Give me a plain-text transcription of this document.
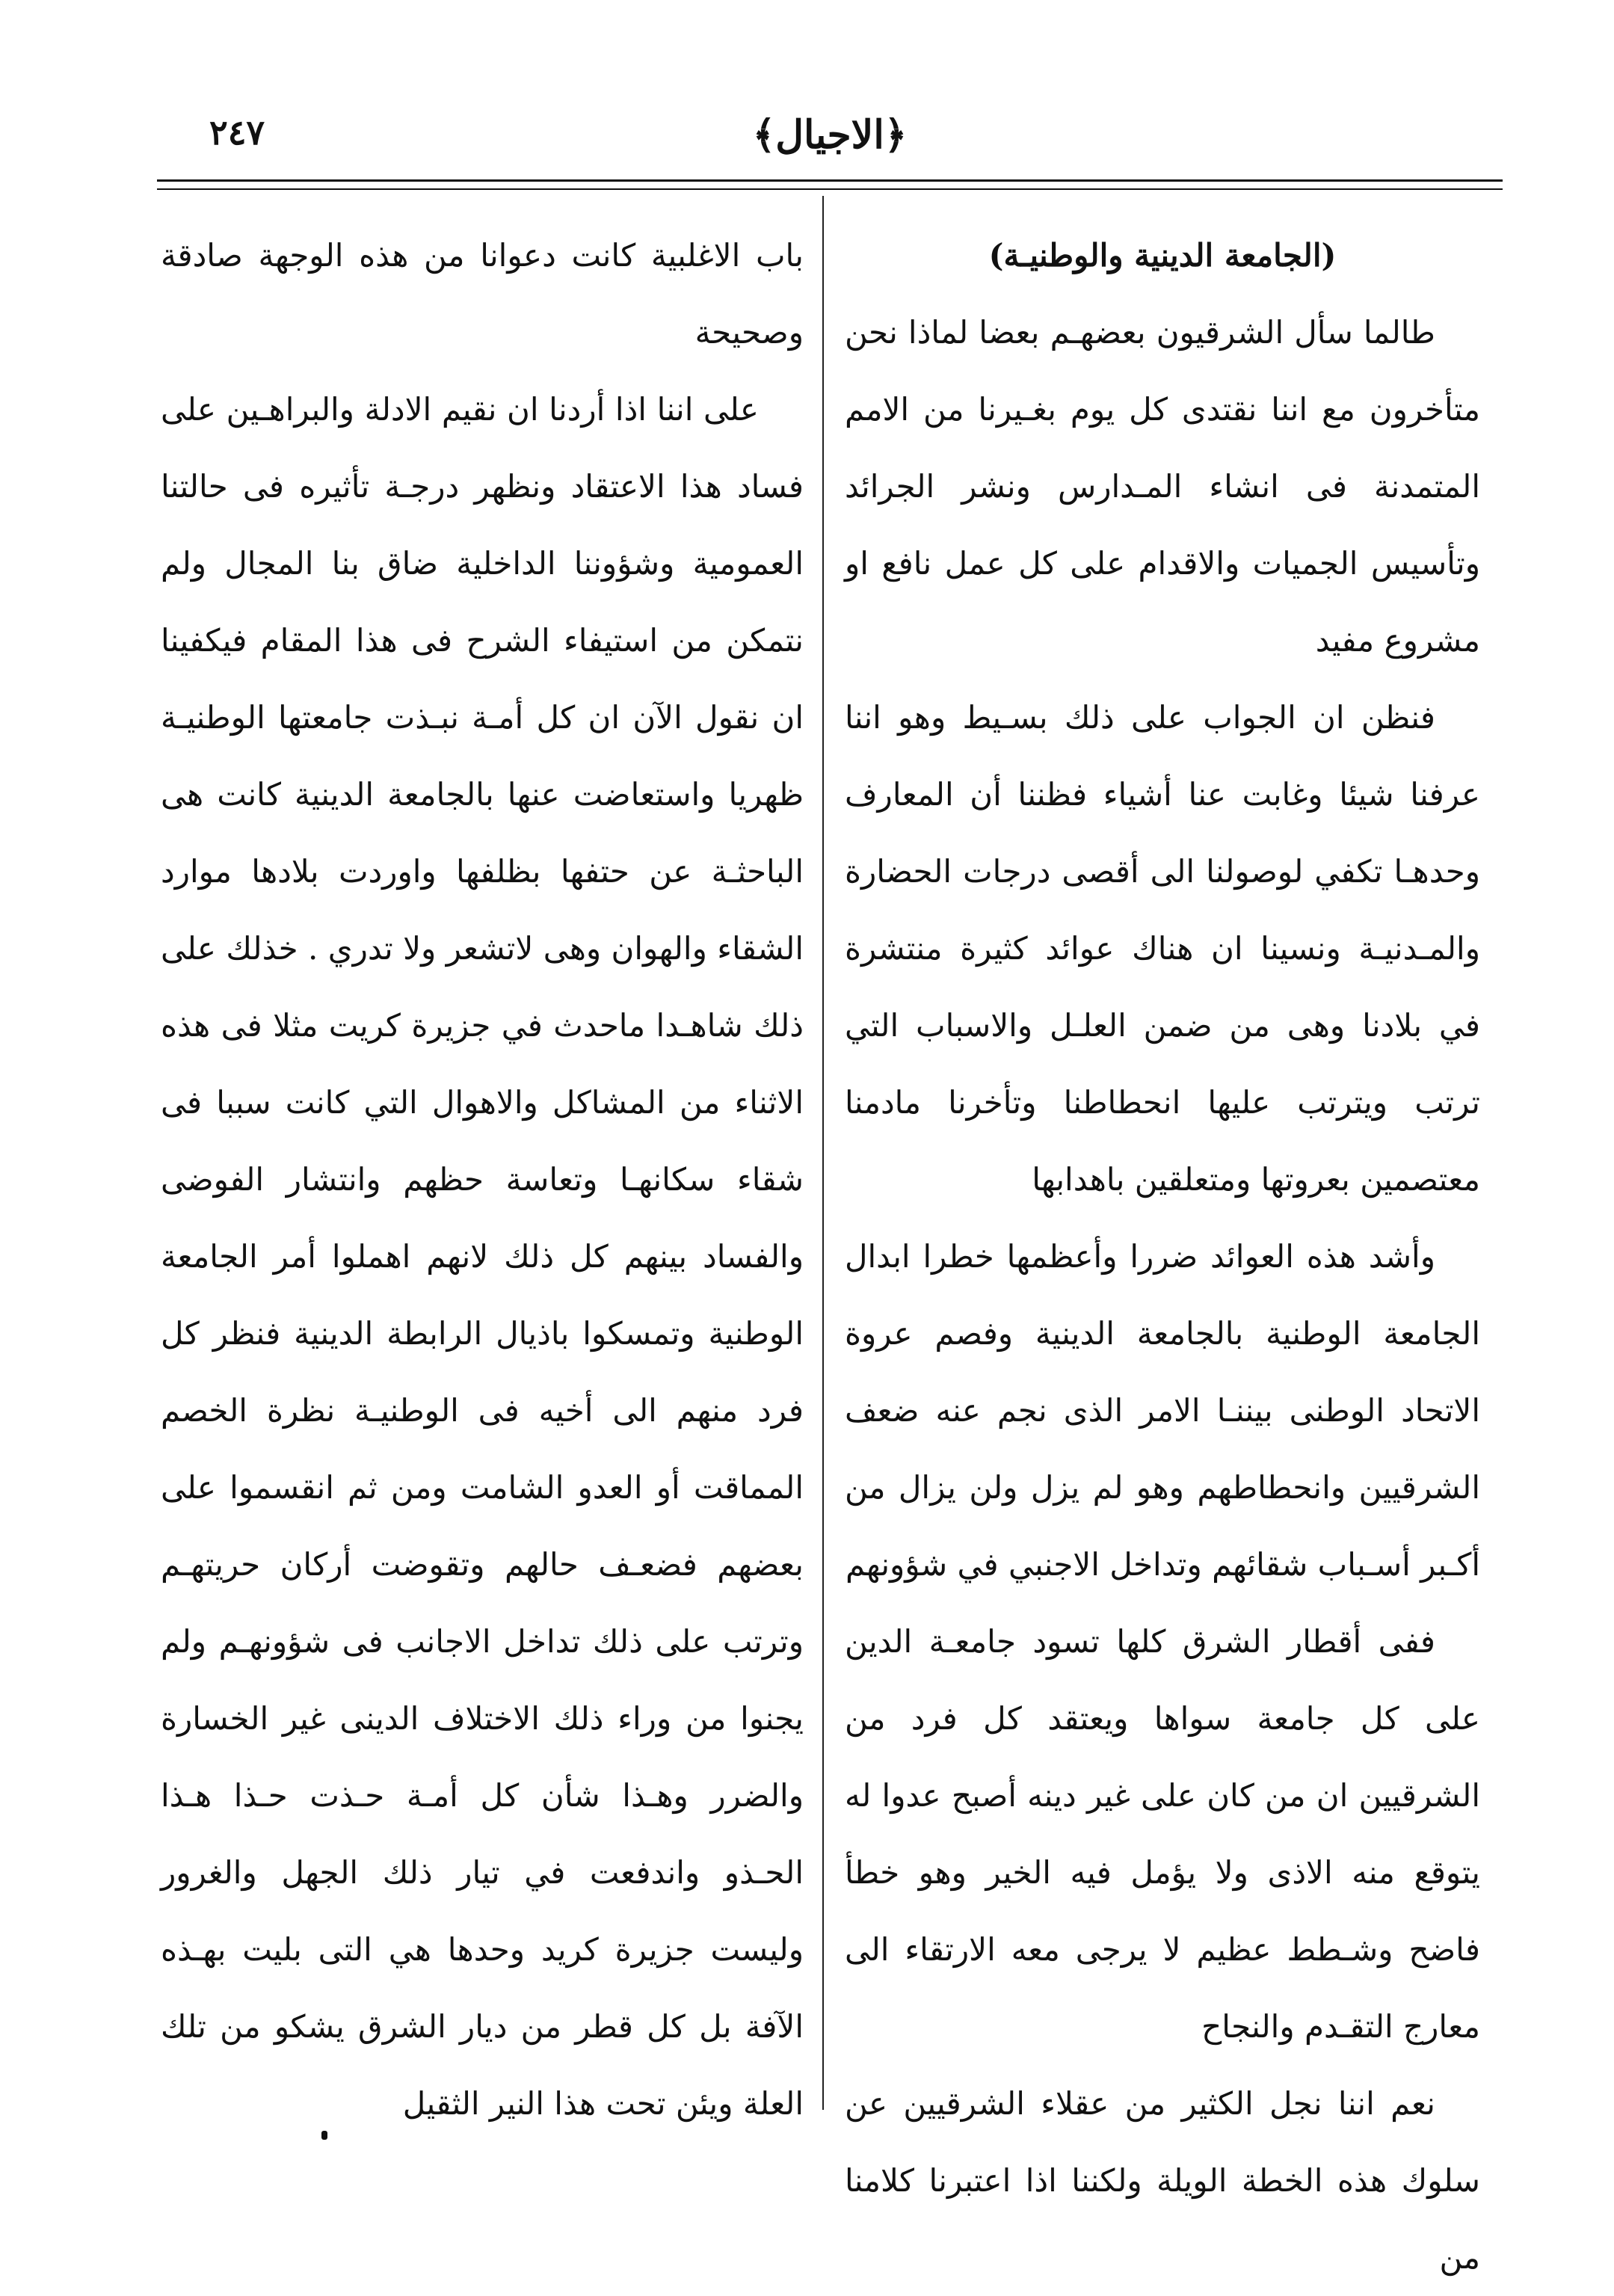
٢٤٧	﴿الاجيال﴾

(الجامعة الدينية والوطنيـة)

طالما سأل الشرقيون بعضهـم بعضا لماذا نحن متأخرون مع اننا نقتدى كل يوم بغـيرنا من الامم المتمدنة فى انشاء المـدارس ونشر الجرائد وتأسيس الجميات والاقدام على كل عمل نافع او مشروع مفيد

فنظن ان الجواب على ذلك بسـيط وهو اننا عرفنا شيئا وغابت عنا أشياء فظننا أن المعارف وحدهـا تكفي لوصولنا الى أقصى درجات الحضارة والمـدنيـة ونسينا ان هناك عوائد كثيرة منتشرة في بلادنا وهى من ضمن العلـل والاسباب التي ترتب ويترتب عليها انحطاطنا وتأخرنا مادمنا معتصمين بعروتها ومتعلقين باهدابها

وأشد هذه العوائد ضررا وأعظمها خطرا ابدال الجامعة الوطنية بالجامعة الدينية وفصم عروة الاتحاد الوطنى بيننـا الامر الذى نجم عنه ضعف الشرقيين وانحطاطهم وهو لم يزل ولن يزال من أكـبر أسـباب شقائهم وتداخل الاجنبي في شؤونهم

ففى أقطار الشرق كلها تسود جامعـة الدين على كل جامعة سواها ويعتقد كل فرد من الشرقيين ان من كان على غير دينه أصبح عدوا له يتوقع منه الاذى ولا يؤمل فيه الخير وهو خطأ فاضح وشـطط عظيم لا يرجى معه الارتقاء الى معارج التقـدم والنجاح

نعم اننا نجل الكثير من عقلاء الشرقيين عن سلوك هذه الخطة الويلة ولكننا اذا اعتبرنا كلامنا من

باب الاغلبية كانت دعوانا من هذه الوجهة صادقة وصحيحة

على اننا اذا أردنا ان نقيم الادلة والبراهـين على فساد هذا الاعتقاد ونظهر درجـة تأثيره فى حالتنا العمومية وشؤوننا الداخلية ضاق بنا المجال ولم نتمكن من استيفاء الشرح فى هذا المقام فيكفينا ان نقول الآن ان كل أمـة نبـذت جامعتها الوطنيـة ظهريا واستعاضت عنها بالجامعة الدينية كانت هى الباحثـة عن حتفها بظلفها واوردت بلادها موارد الشقاء والهوان وهى لاتشعر ولا تدري . خذلك على ذلك شاهـدا ماحدث في جزيرة كريت مثلا فى هذه الاثناء من المشاكل والاهوال التي كانت سببا فى شقاء سكانهـا وتعاسة حظهم وانتشار الفوضى والفساد بينهم كل ذلك لانهم اهملوا أمر الجامعة الوطنية وتمسكوا باذيال الرابطة الدينية فنظر كل فرد منهم الى أخيه فى الوطنيـة نظرة الخصم المماقت أو العدو الشامت ومن ثم انقسموا على بعضهم فضعـف حالهم وتقوضت أركان حريتهـم وترتب على ذلك تداخل الاجانب فى شؤونهـم ولم يجنوا من وراء ذلك الاختلاف الدينى غير الخسارة والضرر وهـذا شأن كل أمـة حـذت حـذا هـذا الحـذو واندفعت في تيار ذلك الجهل والغرور وليست جزيرة كريد وحدها هي التى بليت بهـذه الآفة بل كل قطر من ديار الشرق يشكو من تلك العلة ويئن تحت هذا النير الثقيل
